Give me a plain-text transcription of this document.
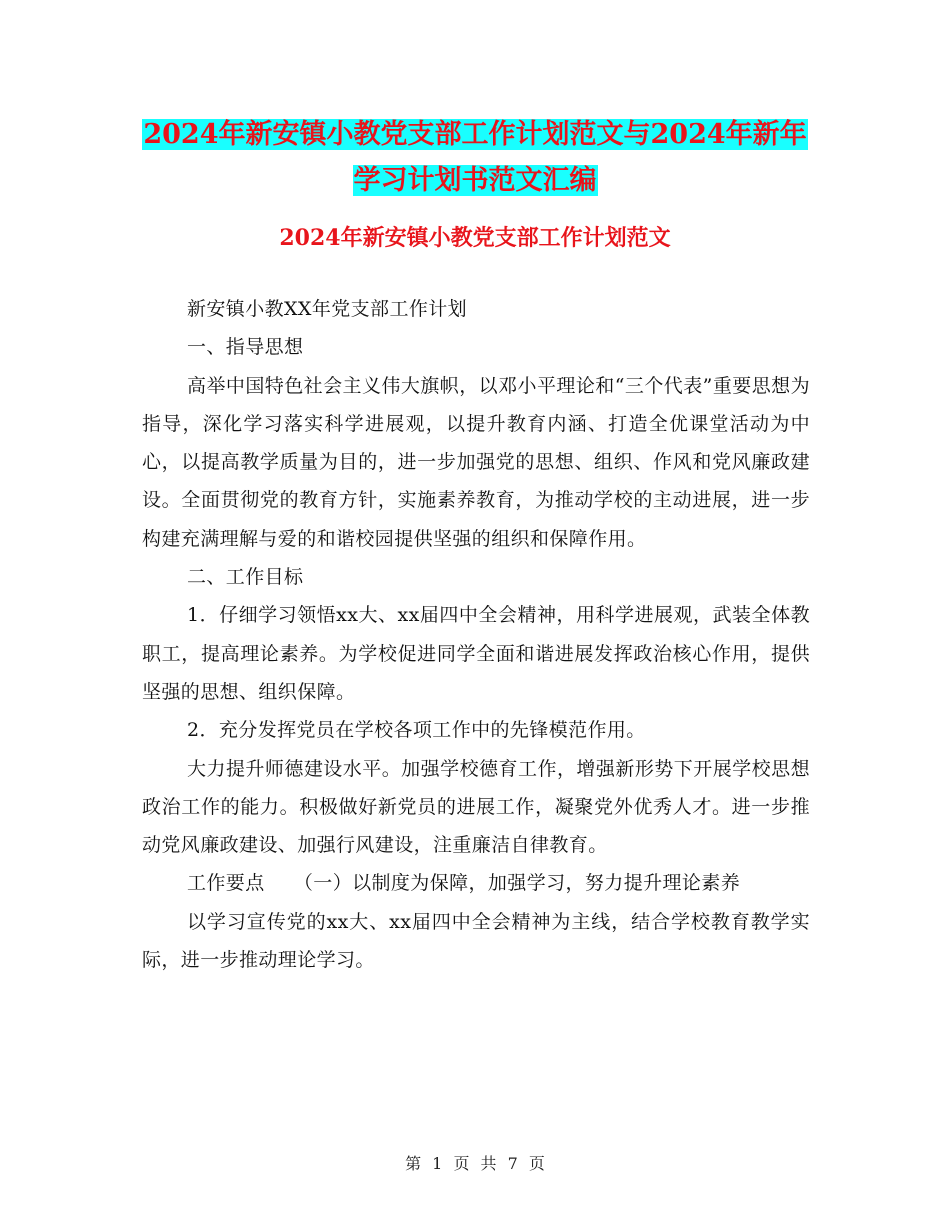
2024年新安镇小教党支部工作计划范文与2024年新年
学习计划书范文汇编
2024年新安镇小教党支部工作计划范文

新安镇小教XX年党支部工作计划

一、指导思想

高举中国特色社会主义伟大旗帜，以邓小平理论和“三个代表”重要思想为指导，深化学习落实科学进展观，以提升教育内涵、打造全优课堂活动为中心，以提高教学质量为目的，进一步加强党的思想、组织、作风和党风廉政建设。全面贯彻党的教育方针，实施素养教育，为推动学校的主动进展，进一步构建充满理解与爱的和谐校园提供坚强的组织和保障作用。

二、工作目标

1．仔细学习领悟xx大、xx届四中全会精神，用科学进展观，武装全体教职工，提高理论素养。为学校促进同学全面和谐进展发挥政治核心作用，提供坚强的思想、组织保障。

2．充分发挥党员在学校各项工作中的先锋模范作用。

大力提升师德建设水平。加强学校德育工作，增强新形势下开展学校思想政治工作的能力。积极做好新党员的进展工作，凝聚党外优秀人才。进一步推动党风廉政建设、加强行风建设，注重廉洁自律教育。

工作要点　　（一）以制度为保障，加强学习，努力提升理论素养

以学习宣传党的xx大、xx届四中全会精神为主线，结合学校教育教学实际，进一步推动理论学习。

第 1 页 共 7 页
